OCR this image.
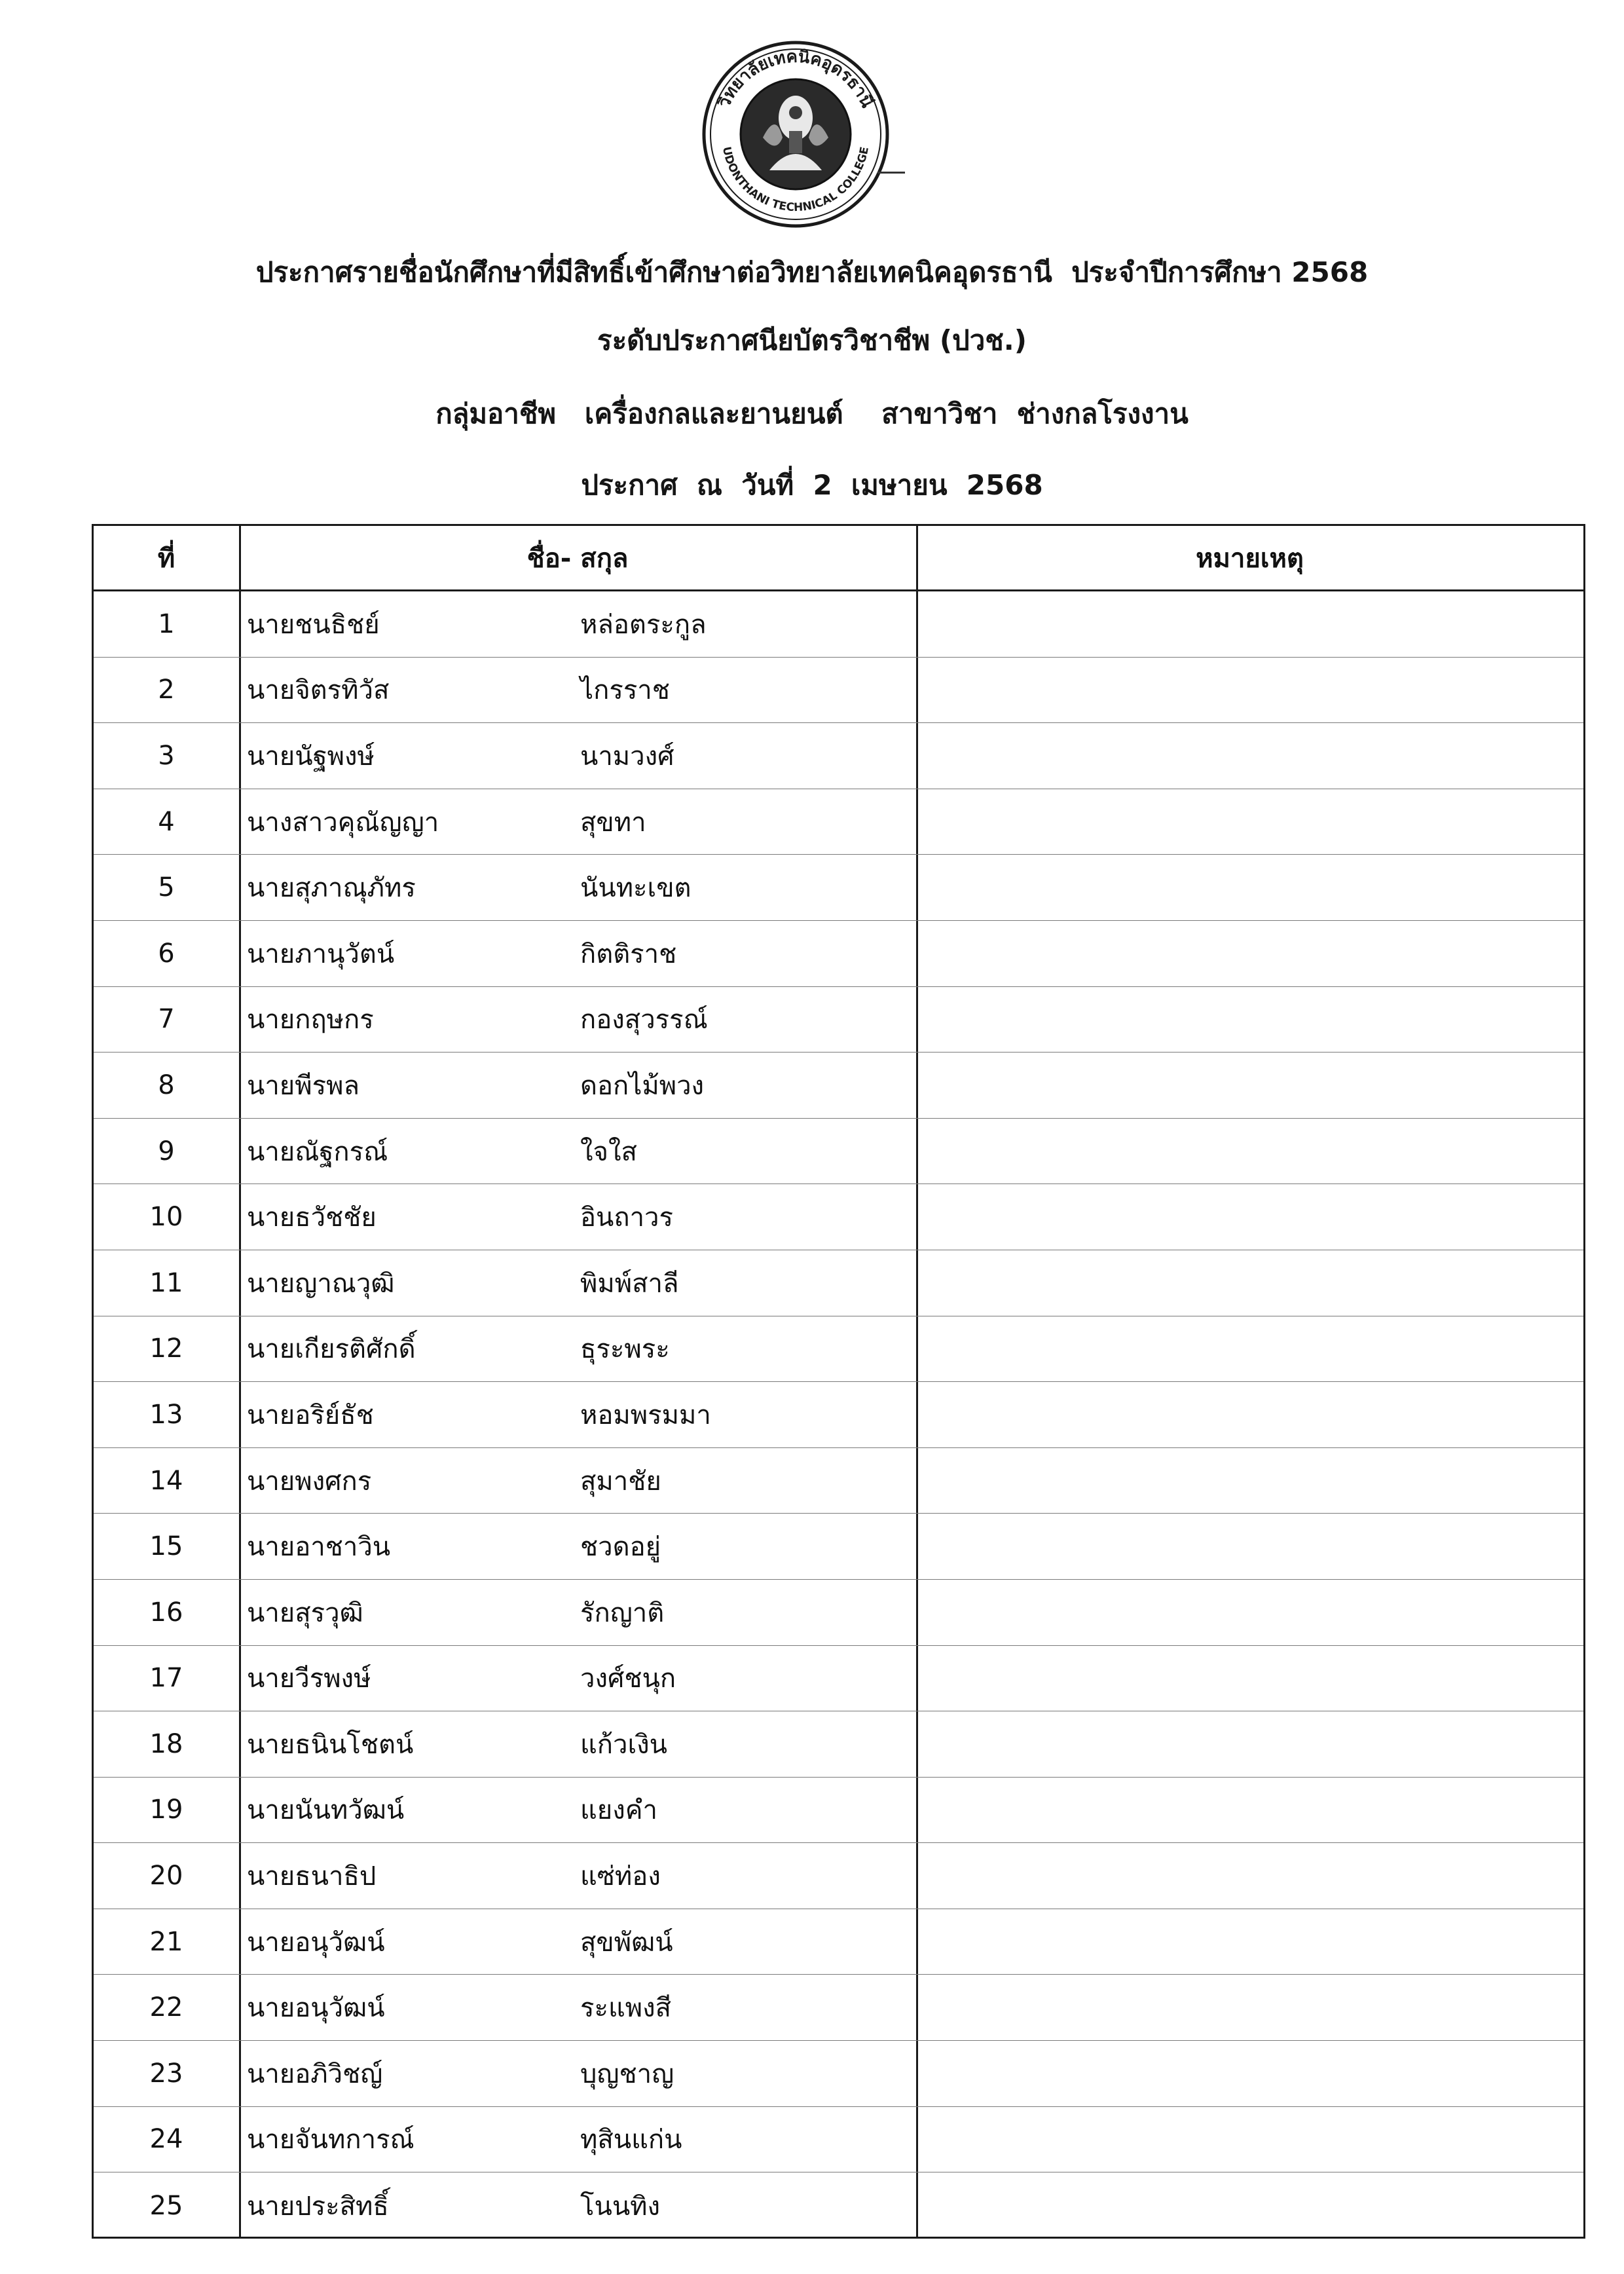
วิทยาลัยเทคนิคอุดรธานี
UDONTHANI TECHNICAL COLLEGE
ประกาศรายชื่อนักศึกษาที่มีสิทธิ์เข้าศึกษาต่อวิทยาลัยเทคนิคอุดรธานี  ประจำปีการศึกษา 2568
ระดับประกาศนียบัตรวิชาชีพ (ปวช.)
กลุ่มอาชีพ   เครื่องกลและยานยนต์    สาขาวิชา  ช่างกลโรงงาน
ประกาศ  ณ  วันที่  2  เมษายน  2568
ที่	ชื่อ- สกุล	หมายเหตุ
1	นายชนธิชย์	หล่อตระกูล
2	นายจิตรทิวัส	ไกรราช
3	นายนัฐพงษ์	นามวงศ์
4	นางสาวคุณัญญา	สุขทา
5	นายสุภาณุภัทร	นันทะเขต
6	นายภานุวัตน์	กิตติราช
7	นายกฤษกร	กองสุวรรณ์
8	นายพีรพล	ดอกไม้พวง
9	นายณัฐกรณ์	ใจใส
10	นายธวัชชัย	อินถาวร
11	นายญาณวุฒิ	พิมพ์สาลี
12	นายเกียรติศักดิ์	ธุระพระ
13	นายอริย์ธัช	หอมพรมมา
14	นายพงศกร	สุมาชัย
15	นายอาชาวิน	ชวดอยู่
16	นายสุรวุฒิ	รักญาติ
17	นายวีรพงษ์	วงศ์ชนุก
18	นายธนินโชตน์	แก้วเงิน
19	นายนันทวัฒน์	แยงคำ
20	นายธนาธิป	แซ่ท่อง
21	นายอนุวัฒน์	สุขพัฒน์
22	นายอนุวัฒน์	ระแพงสี
23	นายอภิวิชญ์	บุญชาญ
24	นายจันทการณ์	ทุสินแก่น
25	นายประสิทธิ์	โนนทิง
